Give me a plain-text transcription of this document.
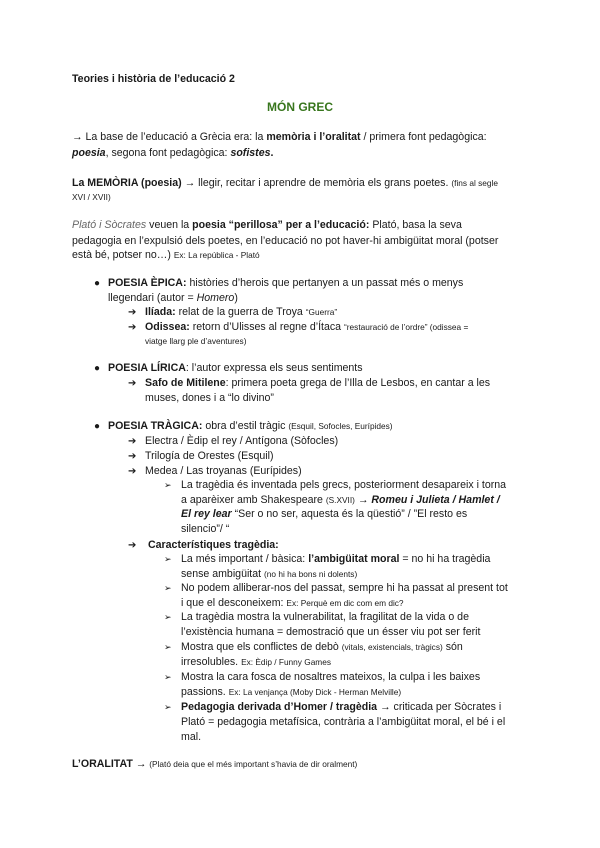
Teories i història de l’educació 2
MÓN GREC
→ La base de l’educació a Grècia era: la memòria i l’oralitat / primera font pedagògica:
poesia, segona font pedagògica: sofistes.
La MEMÒRIA (poesia) → llegir, recitar i aprendre de memòria els grans poetes. (fins al segle
XVI / XVII)
Plató i Sòcrates veuen la poesia “perillosa” per a l’educació: Plató, basa la seva
pedagogia en l’expulsió dels poetes, en l’educació no pot haver-hi ambigüitat moral (potser
està bé, potser no…) Ex: La república - Plató
● POESIA ÈPICA: històries d’herois que pertanyen a un passat més o menys
llegendari (autor = Homero)
➔ Ilíada: relat de la guerra de Troya “Guerra”
➔ Odissea: retorn d’Ulisses al regne d’Ítaca “restauració de l’ordre” (odissea =
viatge llarg ple d’aventures)
● POESIA LÍRICA: l’autor expressa els seus sentiments
➔ Safo de Mitilene: primera poeta grega de l’Illa de Lesbos, en cantar a les
muses, dones i a “lo divino”
● POESIA TRÀGICA: obra d’estil tràgic (Esquil, Sofocles, Eurípides)
➔ Electra / Èdip el rey / Antígona (Sòfocles)
➔ Trilogía de Orestes (Esquil)
➔ Medea / Las troyanas (Eurípides)
➢ La tragèdia és inventada pels grecs, posteriorment desapareix i torna
a aparèixer amb Shakespeare (S.XVII) → Romeu i Julieta / Hamlet /
El rey lear “Ser o no ser, aquesta és la qüestió” / ”El resto es
silencio”/ “
➔ Característiques tragèdia:
➢ La més important / bàsica: l’ambigüitat moral = no hi ha tragèdia
sense ambigüitat (no hi ha bons ni dolents)
➢ No podem alliberar-nos del passat, sempre hi ha passat al present tot
i que el desconeixem: Ex: Perquè em dic com em dic?
➢ La tragèdia mostra la vulnerabilitat, la fragilitat de la vida o de
l’existència humana = demostració que un ésser viu pot ser ferit
➢ Mostra que els conflictes de debò (vitals, existencials, tràgics) són
irresolubles. Ex: Èdip / Funny Games
➢ Mostra la cara fosca de nosaltres mateixos, la culpa i les baixes
passions. Ex: La venjança (Moby Dick - Herman Melville)
➢ Pedagogia derivada d’Homer / tragèdia → criticada per Sòcrates i
Plató = pedagogia metafísica, contrària a l’ambigüitat moral, el bé i el
mal.
L’ORALITAT → (Plató deia que el més important s’havia de dir oralment)
